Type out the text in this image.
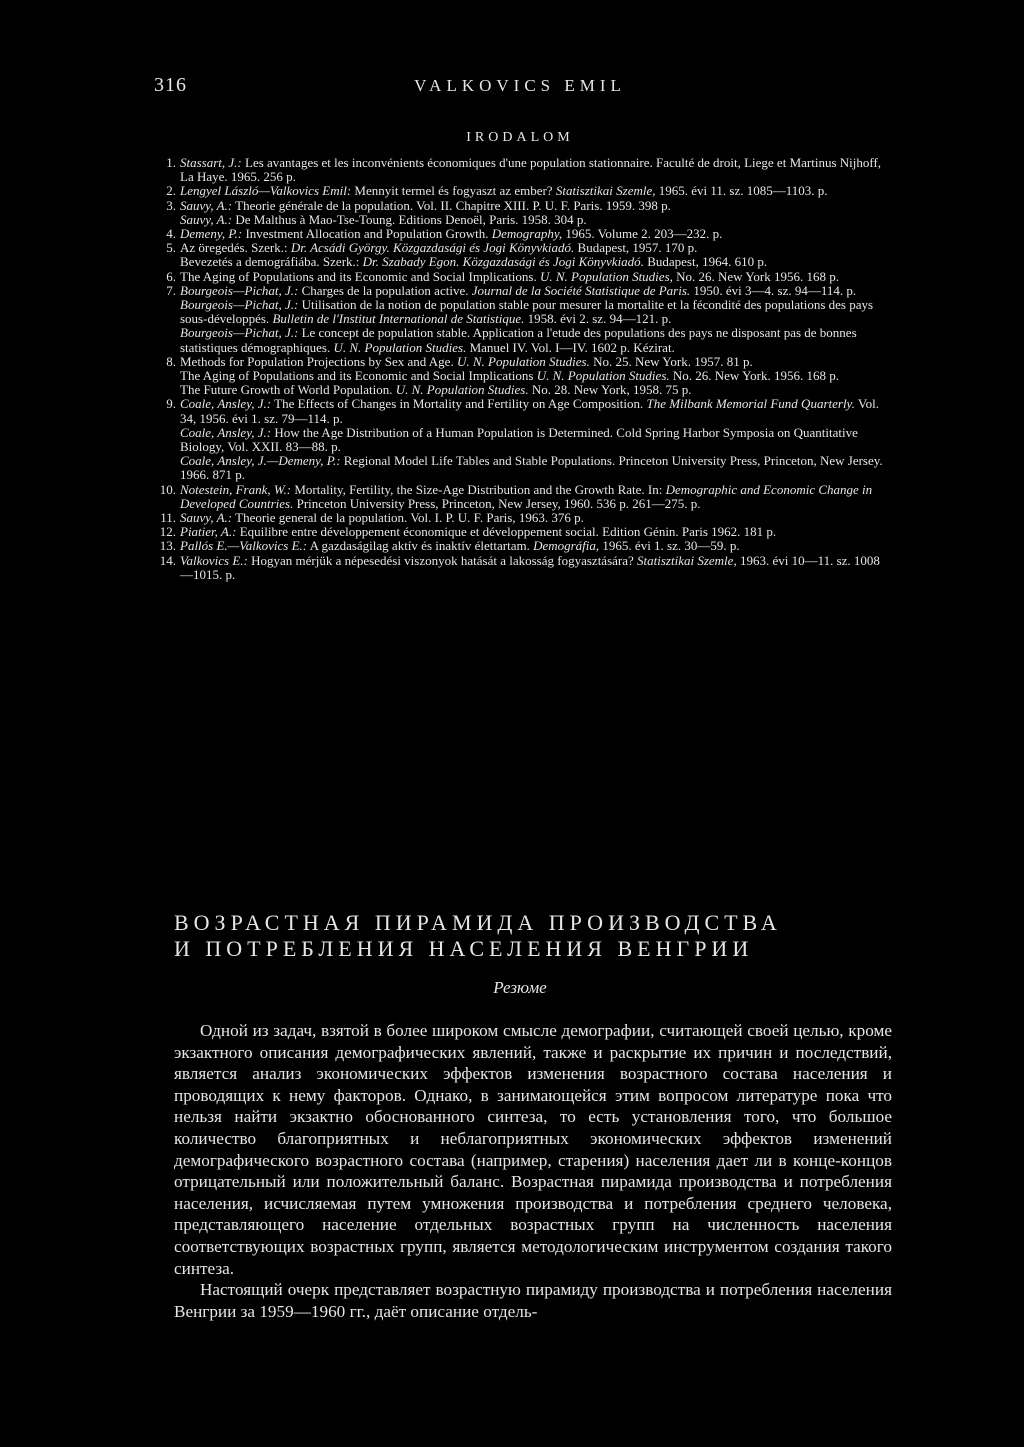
316	VALKOVICS EMIL
IRODALOM
1. Stassart, J.: Les avantages et les inconvénients économiques d'une population stationnaire. Faculté de droit, Liege et Martinus Nijhoff, La Haye. 1965. 256 p.
2. Lengyel László—Valkovics Emil: Mennyit termel és fogyaszt az ember? Statisztikai Szemle, 1965. évi 11. sz. 1085—1103. p.
3. Sauvy, A.: Theorie générale de la population. Vol. II. Chapitre XIII. P. U. F. Paris. 1959. 398 p.
Sauvy, A.: De Malthus à Mao-Tse-Toung. Editions Denoël, Paris. 1958. 304 p.
4. Demeny, P.: Investment Allocation and Population Growth. Demography, 1965. Volume 2. 203—232. p.
5. Az öregedés. Szerk.: Dr. Acsádi György. Közgazdasági és Jogi Könyvkiadó. Budapest, 1957. 170 p.
Bevezetés a demográfiába. Szerk.: Dr. Szabady Egon. Közgazdasági és Jogi Könyvkiadó. Budapest, 1964. 610 p.
6. The Aging of Populations and its Economic and Social Implications. U. N. Population Studies, No. 26. New York 1956. 168 p.
7. Bourgeois—Pichat, J.: Charges de la population active. Journal de la Société Statistique de Paris. 1950. évi 3—4. sz. 94—114. p.
Bourgeois—Pichat, J.: Utilisation de la notion de population stable pour mesurer la mortalite et la fécondité des populations des pays sous-développés. Bulletin de l'Institut International de Statistique. 1958. évi 2. sz. 94—121. p.
Bourgeois—Pichat, J.: Le concept de population stable. Application a l'etude des populations des pays ne disposant pas de bonnes statistiques démographiques. U. N. Population Studies. Manuel IV. Vol. I—IV. 1602 p. Kézirat.
8. Methods for Population Projections by Sex and Age. U. N. Population Studies. No. 25. New York. 1957. 81 p.
The Aging of Populations and its Economic and Social Implications U. N. Population Studies. No. 26. New York. 1956. 168 p.
The Future Growth of World Population. U. N. Population Studies. No. 28. New York, 1958. 75 p.
9. Coale, Ansley, J.: The Effects of Changes in Mortality and Fertility on Age Composition. The Milbank Memorial Fund Quarterly. Vol. 34, 1956. évi 1. sz. 79—114. p.
Coale, Ansley, J.: How the Age Distribution of a Human Population is Determined. Cold Spring Harbor Symposia on Quantitative Biology, Vol. XXII. 83—88. p.
Coale, Ansley, J.—Demeny, P.: Regional Model Life Tables and Stable Populations. Princeton University Press, Princeton, New Jersey. 1966. 871 p.
10. Notestein, Frank, W.: Mortality, Fertility, the Size-Age Distribution and the Growth Rate. In: Demographic and Economic Change in Developed Countries. Princeton University Press, Princeton, New Jersey, 1960. 536 p. 261—275. p.
11. Sauvy, A.: Theorie general de la population. Vol. I. P. U. F. Paris, 1963. 376 p.
12. Piatier, A.: Equilibre entre développement économique et développement social. Edition Génin. Paris 1962. 181 p.
13. Pallós E.—Valkovics E.: A gazdaságilag aktív és inaktív élettartam. Demográfia, 1965. évi 1. sz. 30—59. p.
14. Valkovics E.: Hogyan mérjük a népesedési viszonyok hatását a lakosság fogyasztására? Statisztikai Szemle, 1963. évi 10—11. sz. 1008—1015. p.
ВОЗРАСТНАЯ ПИРАМИДА ПРОИЗВОДСТВА
И ПОТРЕБЛЕНИЯ НАСЕЛЕНИЯ ВЕНГРИИ
Резюме

Одной из задач, взятой в более широком смысле демографии, считающей своей целью, кроме экзактного описания демографических явлений, также и раскрытие их причин и последствий, является анализ экономических эффектов изменения возрастного состава населения и проводящих к нему факторов. Однако, в занимающейся этим вопросом литературе пока что нельзя найти экзактно обоснованного синтеза, то есть установления того, что большое количество благоприятных и неблагоприятных экономических эффектов изменений демографического возрастного состава (например, старения) населения дает ли в конце-концов отрицательный или положительный баланс. Возрастная пирамида производства и потребления населения, исчисляемая путем умножения производства и потребления среднего человека, представляющего население отдельных возрастных групп на численность населения соответствующих возрастных групп, является методологическим инструментом создания такого синтеза.

Настоящий очерк представляет возрастную пирамиду производства и потребления населения Венгрии за 1959—1960 гг., даёт описание отдель-
